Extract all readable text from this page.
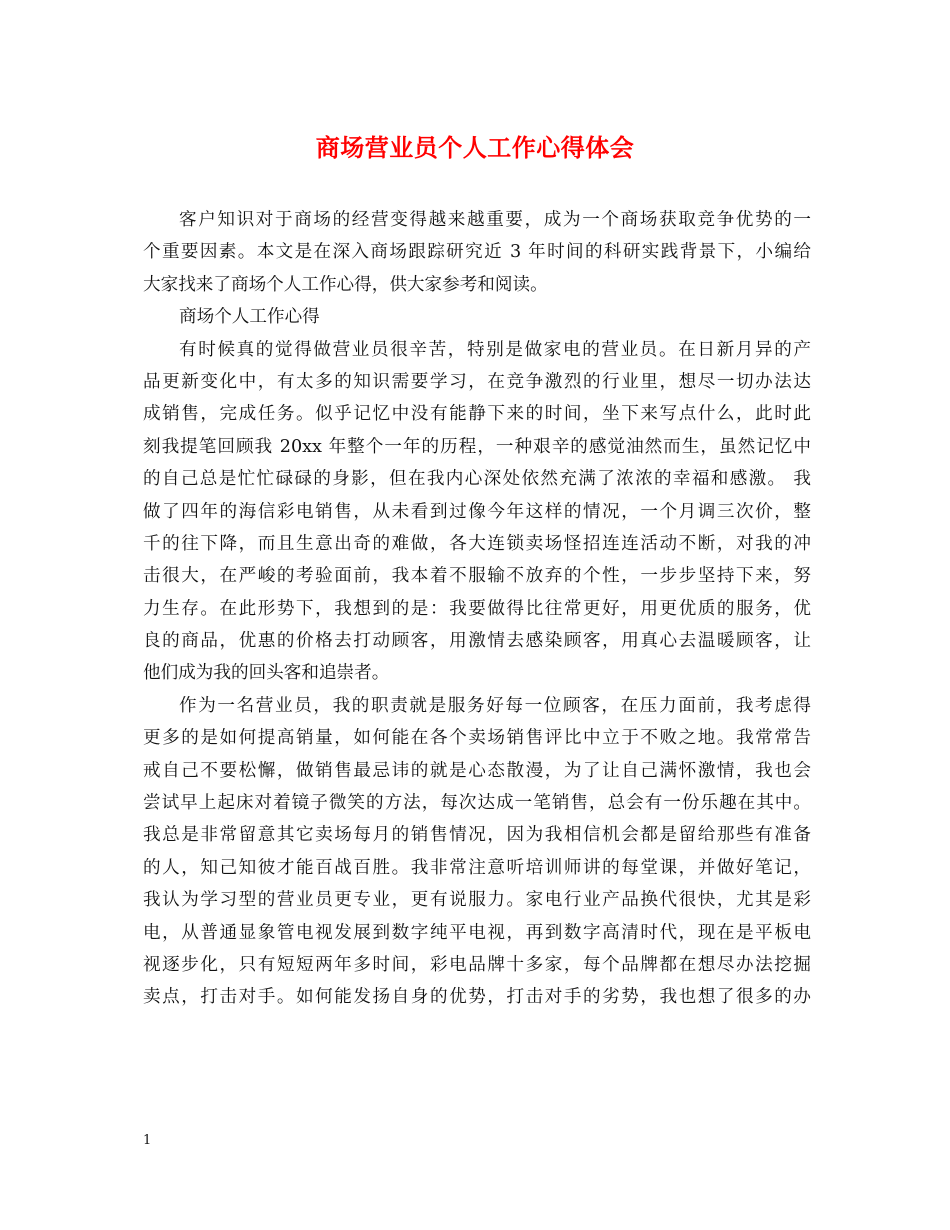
商场营业员个人工作心得体会
客户知识对于商场的经营变得越来越重要，成为一个商场获取竞争优势的一
个重要因素。本文是在深入商场跟踪研究近 3 年时间的科研实践背景下，小编给
大家找来了商场个人工作心得，供大家参考和阅读。
商场个人工作心得
有时候真的觉得做营业员很辛苦，特别是做家电的营业员。在日新月异的产
品更新变化中，有太多的知识需要学习，在竞争激烈的行业里，想尽一切办法达
成销售，完成任务。似乎记忆中没有能静下来的时间，坐下来写点什么，此时此
刻我提笔回顾我 20xx 年整个一年的历程，一种艰辛的感觉油然而生，虽然记忆中
的自己总是忙忙碌碌的身影，但在我内心深处依然充满了浓浓的幸福和感激。 我
做了四年的海信彩电销售，从未看到过像今年这样的情况，一个月调三次价，整
千的往下降，而且生意出奇的难做，各大连锁卖场怪招连连活动不断，对我的冲
击很大，在严峻的考验面前，我本着不服输不放弃的个性，一步步坚持下来，努
力生存。在此形势下，我想到的是：我要做得比往常更好，用更优质的服务，优
良的商品，优惠的价格去打动顾客，用激情去感染顾客，用真心去温暖顾客，让
他们成为我的回头客和追崇者。
作为一名营业员，我的职责就是服务好每一位顾客，在压力面前，我考虑得
更多的是如何提高销量，如何能在各个卖场销售评比中立于不败之地。我常常告
戒自己不要松懈，做销售最忌讳的就是心态散漫，为了让自己满怀激情，我也会
尝试早上起床对着镜子微笑的方法，每次达成一笔销售，总会有一份乐趣在其中。
我总是非常留意其它卖场每月的销售情况，因为我相信机会都是留给那些有准备
的人，知己知彼才能百战百胜。我非常注意听培训师讲的每堂课，并做好笔记，
我认为学习型的营业员更专业，更有说服力。家电行业产品换代很快，尤其是彩
电，从普通显象管电视发展到数字纯平电视，再到数字高清时代，现在是平板电
视逐步化，只有短短两年多时间，彩电品牌十多家，每个品牌都在想尽办法挖掘
卖点，打击对手。如何能发扬自身的优势，打击对手的劣势，我也想了很多的办
1
